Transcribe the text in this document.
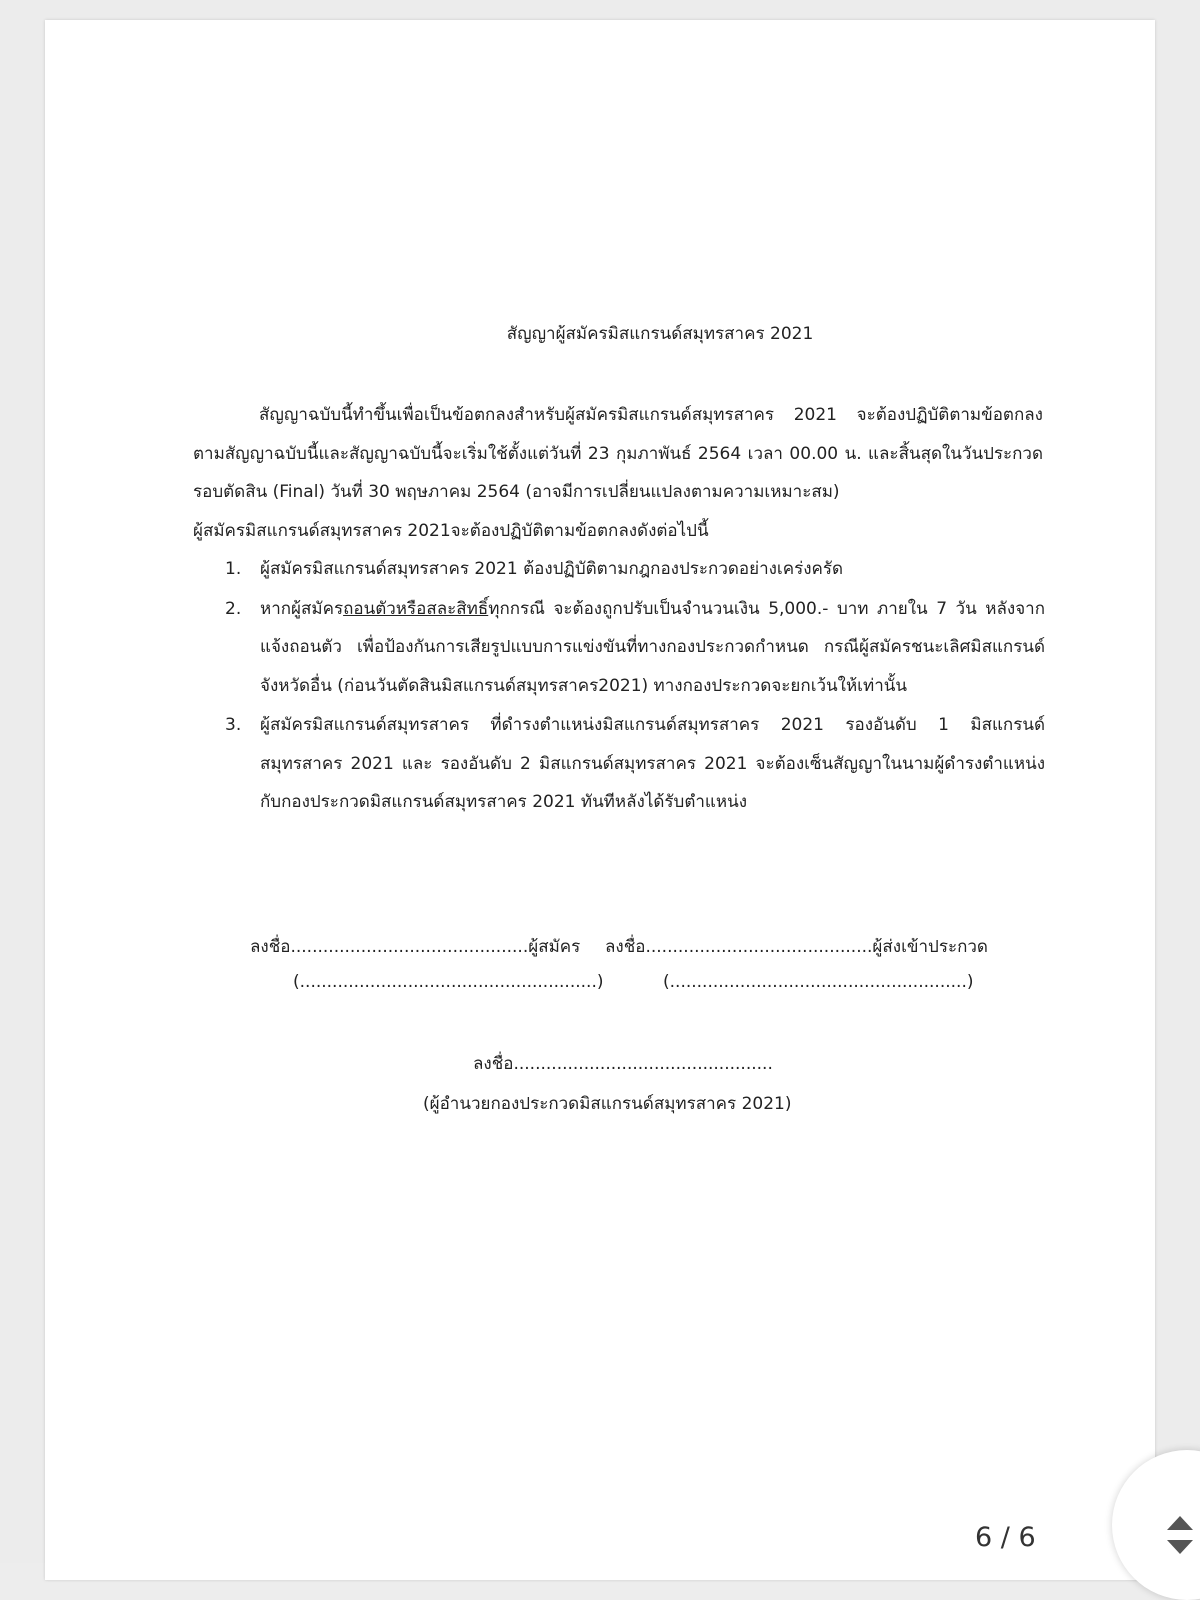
สัญญาผู้สมัครมิสแกรนด์สมุทรสาคร 2021

สัญญาฉบับนี้ทำขึ้นเพื่อเป็นข้อตกลงสำหรับผู้สมัครมิสแกรนด์สมุทรสาคร 2021 จะต้องปฏิบัติตามข้อตกลงตามสัญญาฉบับนี้และสัญญาฉบับนี้จะเริ่มใช้ตั้งแต่วันที่ 23 กุมภาพันธ์ 2564 เวลา 00.00 น. และสิ้นสุดในวันประกวดรอบตัดสิน (Final) วันที่ 30 พฤษภาคม 2564 (อาจมีการเปลี่ยนแปลงตามความเหมาะสม)

ผู้สมัครมิสแกรนด์สมุทรสาคร 2021จะต้องปฏิบัติตามข้อตกลงดังต่อไปนี้

1. ผู้สมัครมิสแกรนด์สมุทรสาคร 2021 ต้องปฏิบัติตามกฎกองประกวดอย่างเคร่งครัด
2. หากผู้สมัครถอนตัวหรือสละสิทธิ์ทุกกรณี จะต้องถูกปรับเป็นจำนวนเงิน 5,000.- บาท ภายใน 7 วัน หลังจากแจ้งถอนตัว เพื่อป้องกันการเสียรูปแบบการแข่งขันที่ทางกองประกวดกำหนด กรณีผู้สมัครชนะเลิศมิสแกรนด์จังหวัดอื่น (ก่อนวันตัดสินมิสแกรนด์สมุทรสาคร2021) ทางกองประกวดจะยกเว้นให้เท่านั้น
3. ผู้สมัครมิสแกรนด์สมุทรสาคร ที่ดำรงตำแหน่งมิสแกรนด์สมุทรสาคร 2021 รองอันดับ 1 มิสแกรนด์สมุทรสาคร 2021 และ รองอันดับ 2 มิสแกรนด์สมุทรสาคร 2021 จะต้องเซ็นสัญญาในนามผู้ดำรงตำแหน่งกับกองประกวดมิสแกรนด์สมุทรสาคร 2021 ทันทีหลังได้รับตำแหน่ง
ลงชื่อ............................................ผู้สมัคร ลงชื่อ..........................................ผู้ส่งเข้าประกวด
(.......................................................)	(.......................................................)
ลงชื่อ................................................
(ผู้อำนวยกองประกวดมิสแกรนด์สมุทรสาคร 2021)
6 / 6
